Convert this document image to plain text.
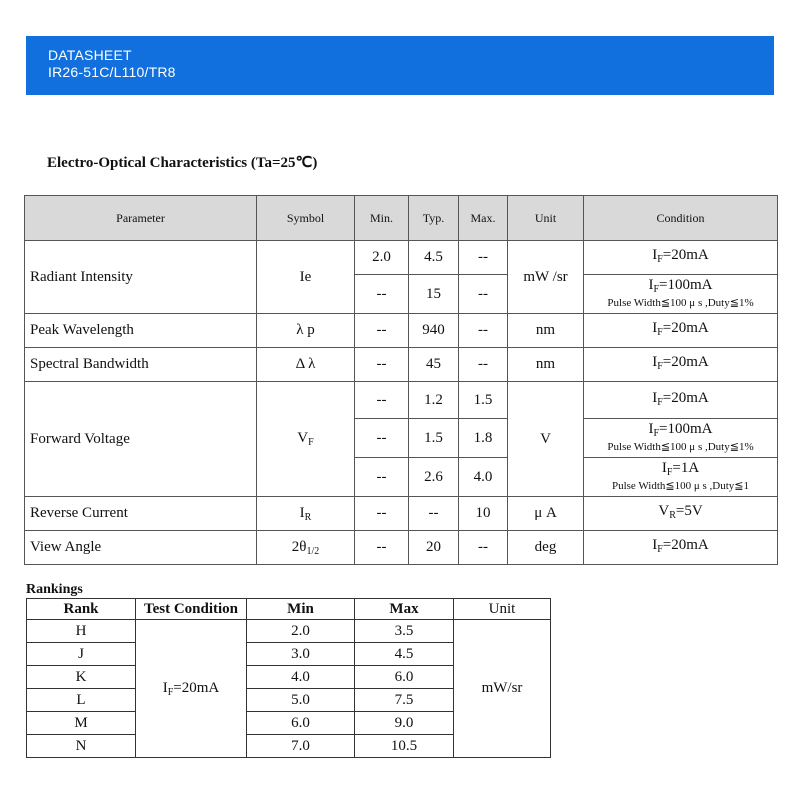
DATASHEET
IR26-51C/L110/TR8
Electro-Optical Characteristics (Ta=25℃)
Parameter	Symbol	Min.	Typ.	Max.	Unit	Condition
Radiant Intensity	Ie	2.0	4.5	--	mW /sr	$I_F=20mA$
		--	15	--		$I_F=100mA$
Pulse Width≦100 μ s ,Duty≦1%

Peak Wavelength	λ p	--	940	--	nm	$I_F=20mA$
Spectral Bandwidth	Δ λ	--	45	--	nm	$I_F=20mA$
Forward Voltage	$V_F$	--	1.2	1.5	V	$I_F=20mA$
		--	1.5	1.8		$I_F=100mA$
Pulse Width≦100 μ s ,Duty≦1%

		--	2.6	4.0		$I_F=1A$
Pulse Width≦100 μ s ,Duty≦1

Reverse Current	$I_R$	--	--	10	μ A	$V_R=5V$
View Angle	$2\theta_{1/2}$	--	20	--	deg	$I_F=20mA$
Rankings
Rank	Test Condition	Min	Max	Unit
H	$I_F=20mA$	2.0	3.5	mW/sr
J		3.0	4.5	
K		4.0	6.0	
L		5.0	7.5	
M		6.0	9.0	
N		7.0	10.5	
